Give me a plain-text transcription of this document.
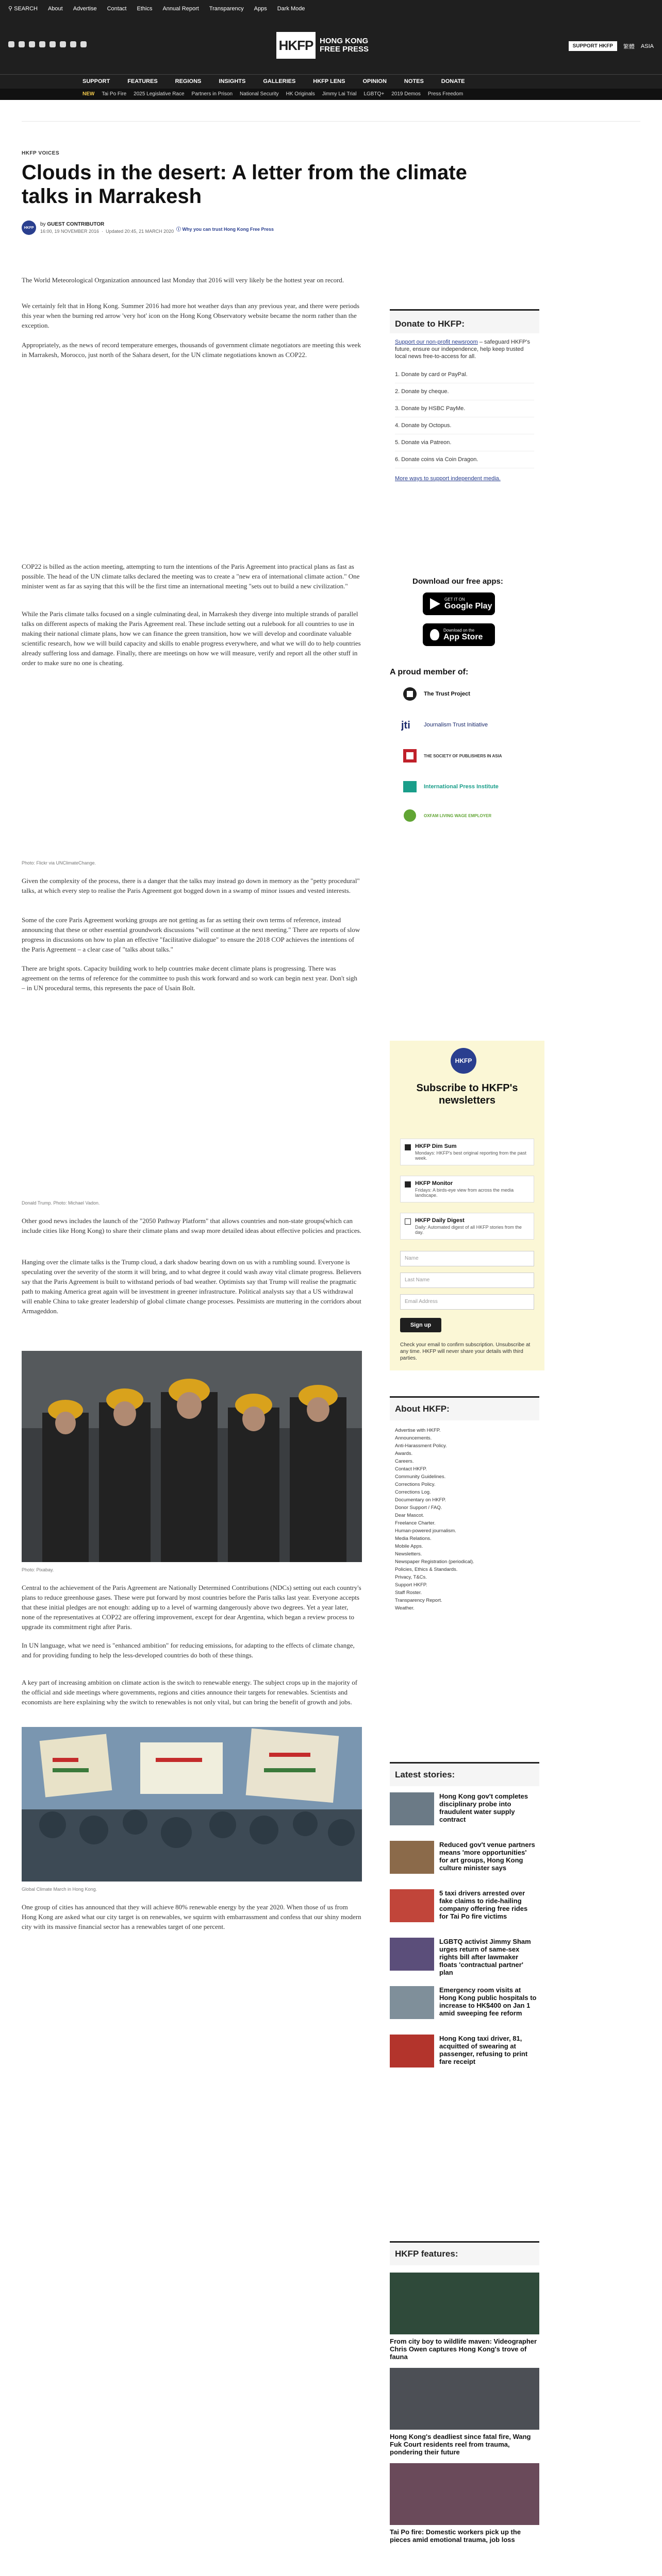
⚲ SEARCH About Advertise Contact Ethics Annual Report Transparency Apps Dark Mode
HKFP HONG KONG
FREE PRESS	SUPPORT HKFP	繁體 ASIA
SUPPORT	FEATURES	REGIONS	INSIGHTS	GALLERIES	HKFP LENS	OPINION	NOTES	DONATE
NEW Tai Po Fire 2025 Legislative Race Partners in Prison National Security HK Originals Jimmy Lai Trial LGBTQ+ 2019 Demos Press Freedom
HKFP VOICES
Clouds in the desert: A letter from the climate talks in Marrakesh
HKFP
by GUEST CONTRIBUTOR
16:00, 19 NOVEMBER 2016  ·  Updated 20:45, 21 MARCH 2020 ⓘ Why you can trust Hong Kong Free Press

The World Meteorological Organization announced last Monday that 2016 will very likely be the hottest year on record.

We certainly felt that in Hong Kong. Summer 2016 had more hot weather days than any previous year, and there were periods this year when the burning red arrow 'very hot' icon on the Hong Kong Observatory website became the norm rather than the exception.

Appropriately, as the news of record temperature emerges, thousands of government climate negotiators are meeting this week in Marrakesh, Morocco, just north of the Sahara desert, for the UN climate negotiations known as COP22.

COP22 is billed as the action meeting, attempting to turn the intentions of the Paris Agreement into practical plans as fast as possible. The head of the UN climate talks declared the meeting was to create a "new era of international climate action." One minister went as far as saying that this will be the first time an international meeting "sets out to build a new civilization."

While the Paris climate talks focused on a single culminating deal, in Marrakesh they diverge into multiple strands of parallel talks on different aspects of making the Paris Agreement real. These include setting out a rulebook for all countries to use in making their national climate plans, how we can finance the green transition, how we will develop and coordinate valuable scientific research, how we will build capacity and skills to enable progress everywhere, and what we will do to help countries already suffering loss and damage. Finally, there are meetings on how we will measure, verify and report all the other stuff in order to make sure no one is cheating.

Photo: Flickr via UNClimateChange.

Given the complexity of the process, there is a danger that the talks may instead go down in memory as the "petty procedural" talks, at which every step to realise the Paris Agreement got bogged down in a swamp of minor issues and vested interests.

Some of the core Paris Agreement working groups are not getting as far as setting their own terms of reference, instead announcing that these or other essential groundwork discussions "will continue at the next meeting." There are reports of slow progress in discussions on how to plan an effective "facilitative dialogue" to ensure the 2018 COP achieves the intentions of the Paris Agreement – a clear case of "talks about talks."

There are bright spots. Capacity building work to help countries make decent climate plans is progressing. There was agreement on the terms of reference for the committee to push this work forward and so work can begin next year. Don't sigh – in UN procedural terms, this represents the pace of Usain Bolt.

Donald Trump. Photo: Michael Vadon.

Other good news includes the launch of the "2050 Pathway Platform" that allows countries and non-state groups(which can include cities like Hong Kong) to share their climate plans and swap more detailed ideas about effective policies and practices.

Hanging over the climate talks is the Trump cloud, a dark shadow bearing down on us with a rumbling sound. Everyone is speculating over the severity of the storm it will bring, and to what degree it could wash away vital climate progress. Believers say that the Paris Agreement is built to withstand periods of bad weather. Optimists say that Trump will realise the pragmatic path to making America great again will be investment in greener infrastructure. Political analysts say that a US withdrawal will enable China to take greater leadership of global climate change processes. Pessimists are muttering in the corridors about Armageddon.

Photo: Pixabay.

Central to the achievement of the Paris Agreement are Nationally Determined Contributions (NDCs) setting out each country's plans to reduce greenhouse gases. These were put forward by most countries before the Paris talks last year. Everyone accepts that these initial pledges are not enough: adding up to a level of warming dangerously above two degrees. Yet a year later, none of the representatives at COP22 are offering improvement, except for dear Argentina, which began a review process to upgrade its commitment right after Paris.

In UN language, what we need is "enhanced ambition" for reducing emissions, for adapting to the effects of climate change, and for providing funding to help the less-developed countries do both of these things.

A key part of increasing ambition on climate action is the switch to renewable energy. The subject crops up in the majority of the official and side meetings where governments, regions and cities announce their targets for renewables. Scientists and economists are here explaining why the switch to renewables is not only vital, but can bring the benefit of growth and jobs.

Global Climate March in Hong Kong.

One group of cities has announced that they will achieve 80% renewable energy by the year 2020. When those of us from Hong Kong are asked what our city target is on renewables, we squirm with embarrassment and confess that our shiny modern city with its massive financial sector has a renewables target of one percent.

Donate to HKFP:

Support our non-profit newsroom – safeguard HKFP's future, ensure our independence, help keep trusted local news free-to-access for all.

1. Donate by card or PayPal.
2. Donate by cheque.
3. Donate by HSBC PayMe.
4. Donate by Octopus.
5. Donate via Patreon.
6. Donate coins via Coin Dragon.
More ways to support independent media.
Download our free apps:
GET IT ON
Google Play
Download on the
App Store
A proud member of:
The Trust Project
jti Journalism Trust Initiative
THE SOCIETY OF PUBLISHERS IN ASIA
International Press Institute
OXFAM LIVING WAGE EMPLOYER
HKFP
Subscribe to HKFP's newsletters
HKFP Dim Sum
Mondays: HKFP's best original reporting from the past week.
HKFP Monitor
Fridays: A birds-eye view from across the media landscape.
HKFP Daily Digest
Daily: Automated digest of all HKFP stories from the day.
Name
Last Name
Email Address
Sign up
Check your email to confirm subscription. Unsubscribe at any time. HKFP will never share your details with third parties.
About HKFP:
Advertise with HKFP.
Announcements.
Anti-Harassment Policy.
Awards.
Careers.
Contact HKFP.
Community Guidelines.
Corrections Policy.
Corrections Log.
Documentary on HKFP.
Donor Support / FAQ.
Dear Mascot.
Freelance Charter.
Human-powered journalism.
Media Relations.
Mobile Apps.
Newsletters.
Newspaper Registration (periodical).
Policies, Ethics & Standards.
Privacy, T&Cs.
Support HKFP.
Staff Roster.
Transparency Report.
Weather.
Latest stories:
Hong Kong gov't completes disciplinary probe into fraudulent water supply contract
Reduced gov't venue partners means 'more opportunities' for art groups, Hong Kong culture minister says
5 taxi drivers arrested over fake claims to ride-hailing company offering free rides for Tai Po fire victims
LGBTQ activist Jimmy Sham urges return of same-sex rights bill after lawmaker floats 'contractual partner' plan
Emergency room visits at Hong Kong public hospitals to increase to HK$400 on Jan 1 amid sweeping fee reform
Hong Kong taxi driver, 81, acquitted of swearing at passenger, refusing to print fare receipt
HKFP features:
From city boy to wildlife maven: Videographer Chris Owen captures Hong Kong's trove of fauna
Hong Kong's deadliest since fatal fire, Wang Fuk Court residents reel from trauma, pondering their future
Tai Po fire: Domestic workers pick up the pieces amid emotional trauma, job loss
